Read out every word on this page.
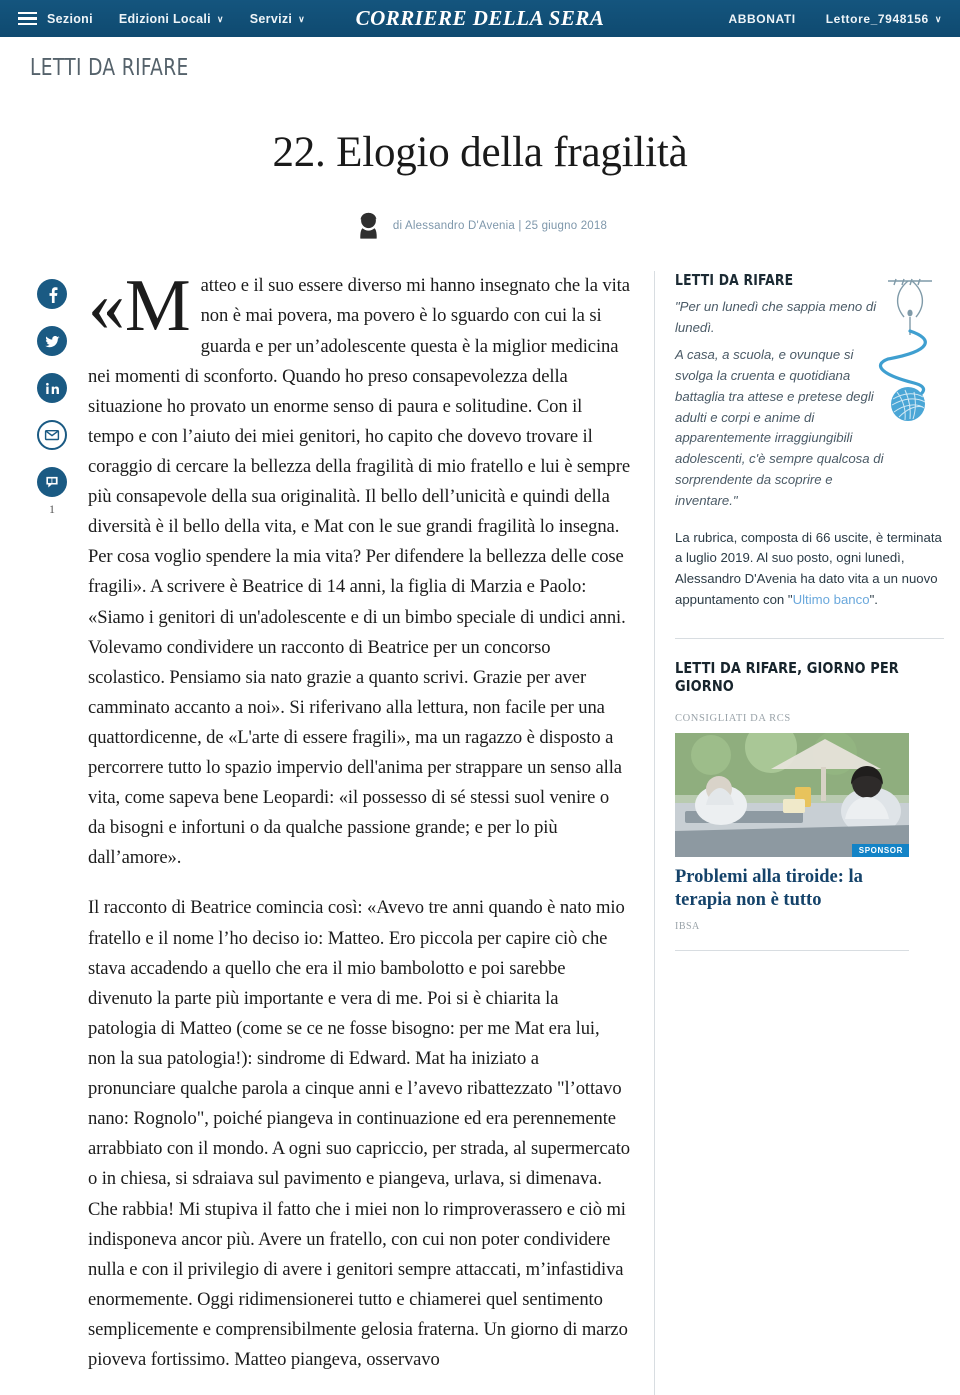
Sezioni Edizioni Locali ∨ Servizi ∨	CORRIERE DELLA SERA	ABBONATI	Lettore_7948156 ∨
LETTI DA RIFARE
22. Elogio della fragilità
di Alessandro D'Avenia | 25 giugno 2018
1

«Matteo e il suo essere diverso mi hanno insegnato che la vita non è mai povera, ma povero è lo sguardo con cui la si guarda e per un’adolescente questa è la miglior medicina nei momenti di sconforto. Quando ho preso consapevolezza della situazione ho provato un enorme senso di paura e solitudine. Con il tempo e con l’aiuto dei miei genitori, ho capito che dovevo trovare il coraggio di cercare la bellezza della fragilità di mio fratello e lui è sempre più consapevole della sua originalità. Il bello dell’unicità e quindi della diversità è il bello della vita, e Mat con le sue grandi fragilità lo insegna. Per cosa voglio spendere la mia vita? Per difendere la bellezza delle cose fragili». A scrivere è Beatrice di 14 anni, la figlia di Marzia e Paolo: «Siamo i genitori di un'adolescente e di un bimbo speciale di undici anni. Volevamo condividere un racconto di Beatrice per un concorso scolastico. Pensiamo sia nato grazie a quanto scrivi. Grazie per aver camminato accanto a noi». Si riferivano alla lettura, non facile per una quattordicenne, de «L'arte di essere fragili», ma un ragazzo è disposto a percorrere tutto lo spazio impervio dell'anima per strappare un senso alla vita, come sapeva bene Leopardi: «il possesso di sé stessi suol venire o da bisogni e infortuni o da qualche passione grande; e per lo più dall’amore».

Il racconto di Beatrice comincia così: «Avevo tre anni quando è nato mio fratello e il nome l’ho deciso io: Matteo. Ero piccola per capire ciò che stava accadendo a quello che era il mio bambolotto e poi sarebbe divenuto la parte più importante e vera di me. Poi si è chiarita la patologia di Matteo (come se ce ne fosse bisogno: per me Mat era lui, non la sua patologia!): sindrome di Edward. Mat ha iniziato a pronunciare qualche parola a cinque anni e l’avevo ribattezzato "l’ottavo nano: Rognolo", poiché piangeva in continuazione ed era perennemente arrabbiato con il mondo. A ogni suo capriccio, per strada, al supermercato o in chiesa, si sdraiava sul pavimento e piangeva, urlava, si dimenava. Che rabbia! Mi stupiva il fatto che i miei non lo rimproverassero e ciò mi indisponeva ancor più. Avere un fratello, con cui non poter condividere nulla e con il privilegio di avere i genitori sempre attaccati, m’infastidiva enormemente. Oggi ridimensionerei tutto e chiamerei quel sentimento semplicemente e comprensibilmente gelosia fraterna. Un giorno di marzo pioveva fortissimo. Matteo piangeva, osservavo

LETTI DA RIFARE

"Per un lunedì che sappia meno di lunedì.

A casa, a scuola, e ovunque si svolga la cruenta e quotidiana battaglia tra attese e pretese degli adulti e corpi e anime di apparentemente irraggiungibili adolescenti, c'è sempre qualcosa di sorprendente da scoprire e inventare."

La rubrica, composta di 66 uscite, è terminata a luglio 2019. Al suo posto, ogni lunedì, Alessandro D'Avenia ha dato vita a un nuovo appuntamento con "Ultimo banco".
LETTI DA RIFARE, GIORNO PER GIORNO
CONSIGLIATI DA RCS
SPONSOR

Problemi alla tiroide: la terapia non è tutto

IBSA
